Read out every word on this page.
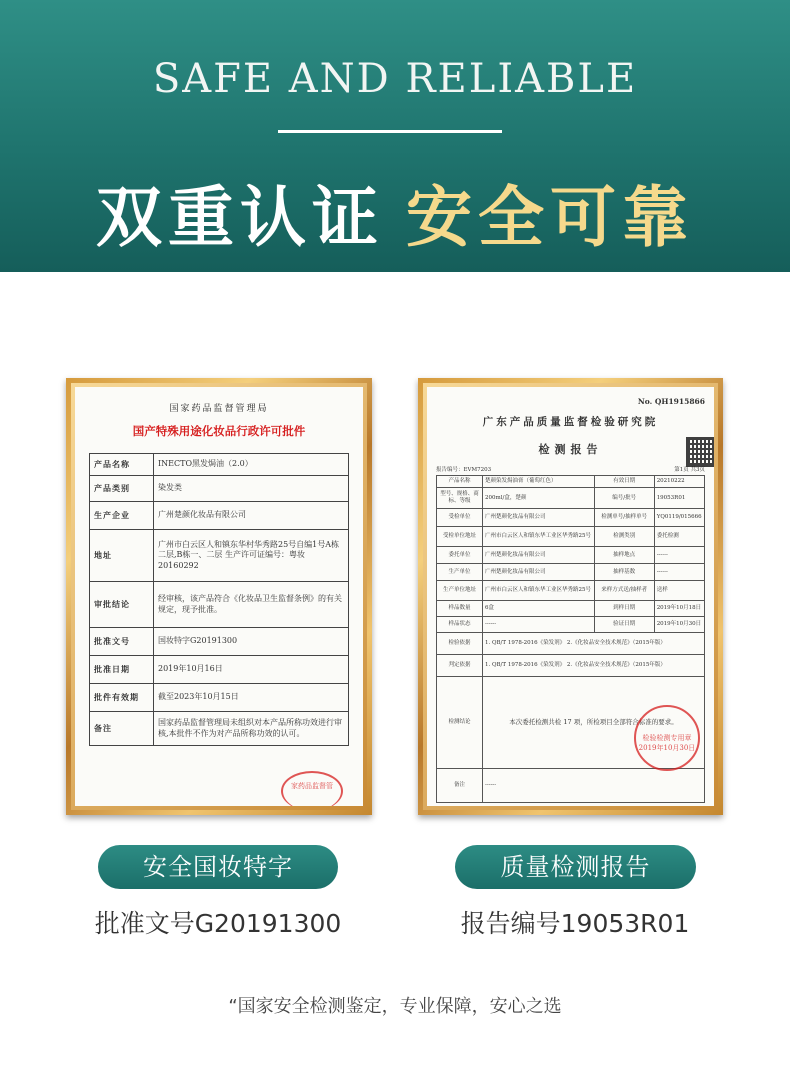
SAFE AND RELIABLE
双重认证 安全可靠
国家药品监督管理局
国产特殊用途化妆品行政许可批件
产品名称	INECTO黑发焗油（2.0）
产品类别	染发类
生产企业	广州楚颜化妆品有限公司
地址	广州市白云区人和镇东华村华秀路25号自编1号A栋二层,B栋一、二层 生产许可证编号：粤妆20160292
审批结论	经审核，该产品符合《化妆品卫生监督条例》的有关规定，现予批准。
批准文号	国妆特字G20191300
批准日期	2019年10月16日
批件有效期	截至2023年10月15日
备注	国家药品监督管理局未组织对本产品所称功效进行审核,本批件不作为对产品所称功效的认可。
家药品监督管
No. QH1915866
广东产品质量监督检验研究院
检测报告
报告编号：EVM7203	第1页 共3页
产品名称	楚颜染发焗油膏（葡萄红色）	有效日期	20210222
型号、规格、商标、等级	200ml/盒，楚颜	编号/批号	19053R01
受检单位	广州楚颜化妆品有限公司	检测单号/抽样单号	YQ0119/015666
受检单位地址	广州市白云区人和镇东华工业区华秀路25号	检测类别	委托检测
委托单位	广州楚颜化妆品有限公司	抽样地点	------
生产单位	广州楚颜化妆品有限公司	抽样基数	------
生产单位地址	广州市白云区人和镇东华工业区华秀路25号	来样方式送/抽样者	送样
样品数量	6盒	到样日期	2019年10月18日
样品状态	------	验证日期	2019年10月30日
检验依据	1. QB/T 1978-2016《染发剂》 2.《化妆品安全技术规范》（2015年版）		
判定依据	1. QB/T 1978-2016《染发剂》 2.《化妆品安全技术规范》（2015年版）		
检测结论	本次委托检测共检 17 项，所检项目全部符合标准的要求。		
备注	------		
检验检测专用章
2019年10月30日
安全国妆特字	质量检测报告
批准文号G20191300	报告编号19053R01
“国家安全检测鉴定，专业保障，安心之选
